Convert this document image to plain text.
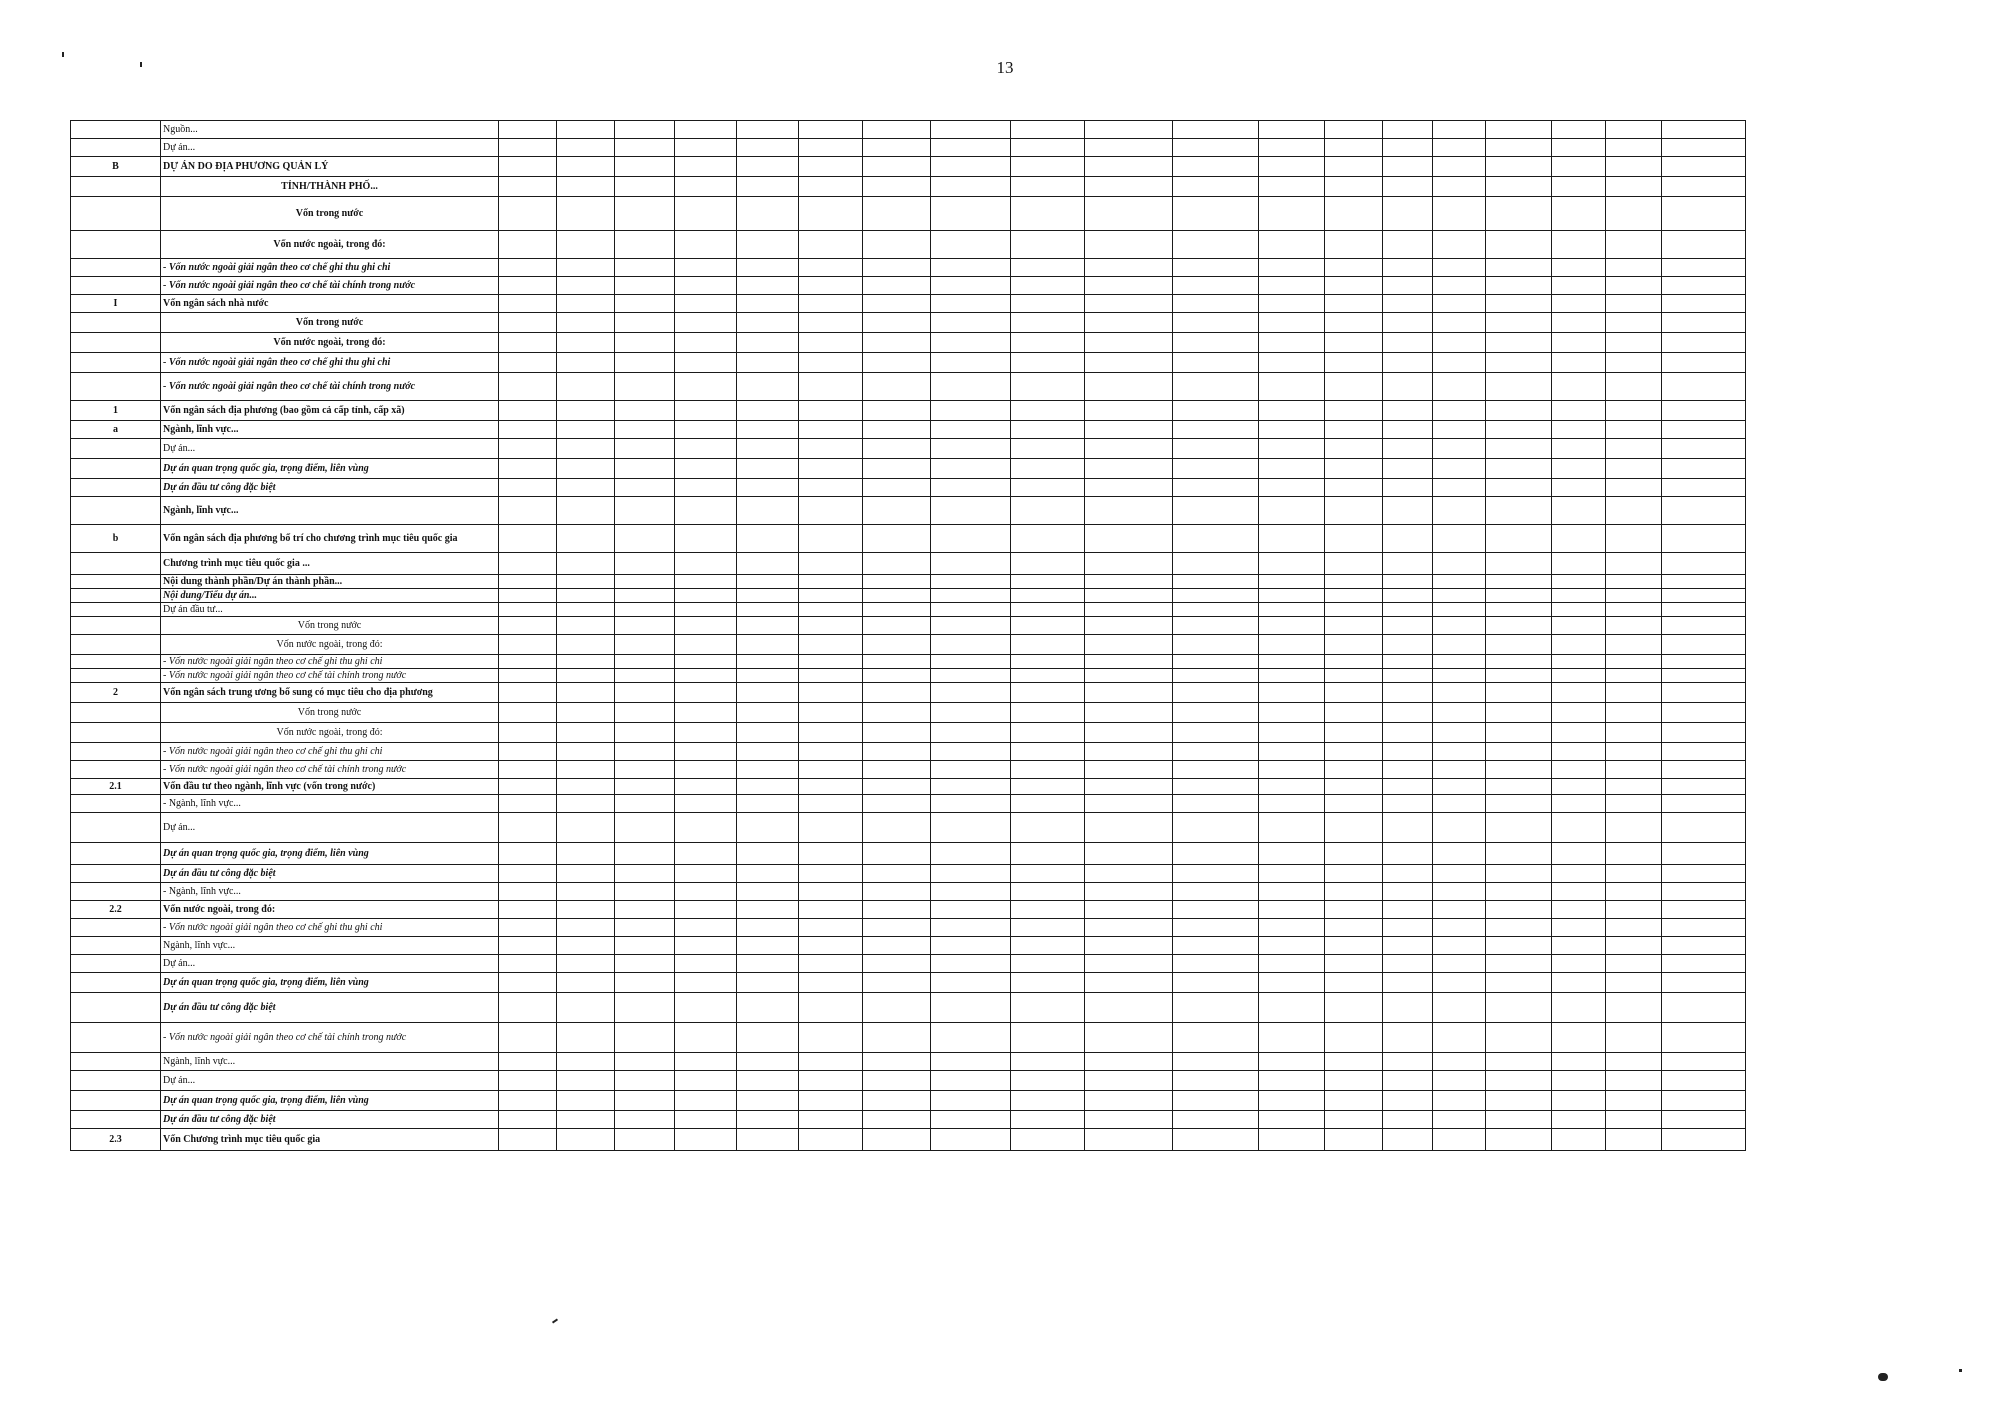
13
	Nguồn...																			
	Dự án...																			
B	DỰ ÁN DO ĐỊA PHƯƠNG QUẢN LÝ																			
	TỈNH/THÀNH PHỐ...																			
	Vốn trong nước																			
	Vốn nước ngoài, trong đó:																			
	- Vốn nước ngoài giải ngân theo cơ chế ghi thu ghi chi																			
	- Vốn nước ngoài giải ngân theo cơ chế tài chính trong nước																			
I	Vốn ngân sách nhà nước																			
	Vốn trong nước																			
	Vốn nước ngoài, trong đó:																			
	- Vốn nước ngoài giải ngân theo cơ chế ghi thu ghi chi																			
	- Vốn nước ngoài giải ngân theo cơ chế tài chính trong nước																			
1	Vốn ngân sách địa phương (bao gồm cả cấp tỉnh, cấp xã)																			
a	Ngành, lĩnh vực...																			
	Dự án...																			
	Dự án quan trọng quốc gia, trọng điểm, liên vùng																			
	Dự án đầu tư công đặc biệt																			
	Ngành, lĩnh vực...																			
b	Vốn ngân sách địa phương bố trí cho chương trình mục tiêu quốc gia																			
	Chương trình mục tiêu quốc gia ...																			
	Nội dung thành phần/Dự án thành phần...																			
	Nội dung/Tiểu dự án...																			
	Dự án đầu tư...																			
	Vốn trong nước																			
	Vốn nước ngoài, trong đó:																			
	- Vốn nước ngoài giải ngân theo cơ chế ghi thu ghi chi																			
	- Vốn nước ngoài giải ngân theo cơ chế tài chính trong nước																			
2	Vốn ngân sách trung ương bổ sung có mục tiêu cho địa phương																			
	Vốn trong nước																			
	Vốn nước ngoài, trong đó:																			
	- Vốn nước ngoài giải ngân theo cơ chế ghi thu ghi chi																			
	- Vốn nước ngoài giải ngân theo cơ chế tài chính trong nước																			
2.1	Vốn đầu tư theo ngành, lĩnh vực (vốn trong nước)																			
	- Ngành, lĩnh vực...																			
	Dự án...																			
	Dự án quan trọng quốc gia, trọng điểm, liên vùng																			
	Dự án đầu tư công đặc biệt																			
	- Ngành, lĩnh vực...																			
2.2	Vốn nước ngoài, trong đó:																			
	- Vốn nước ngoài giải ngân theo cơ chế ghi thu ghi chi																			
	Ngành, lĩnh vực...																			
	Dự án...																			
	Dự án quan trọng quốc gia, trọng điểm, liên vùng																			
	Dự án đầu tư công đặc biệt																			
	- Vốn nước ngoài giải ngân theo cơ chế tài chính trong nước																			
	Ngành, lĩnh vực...																			
	Dự án...																			
	Dự án quan trọng quốc gia, trọng điểm, liên vùng																			
	Dự án đầu tư công đặc biệt																			
2.3	Vốn Chương trình mục tiêu quốc gia																			
